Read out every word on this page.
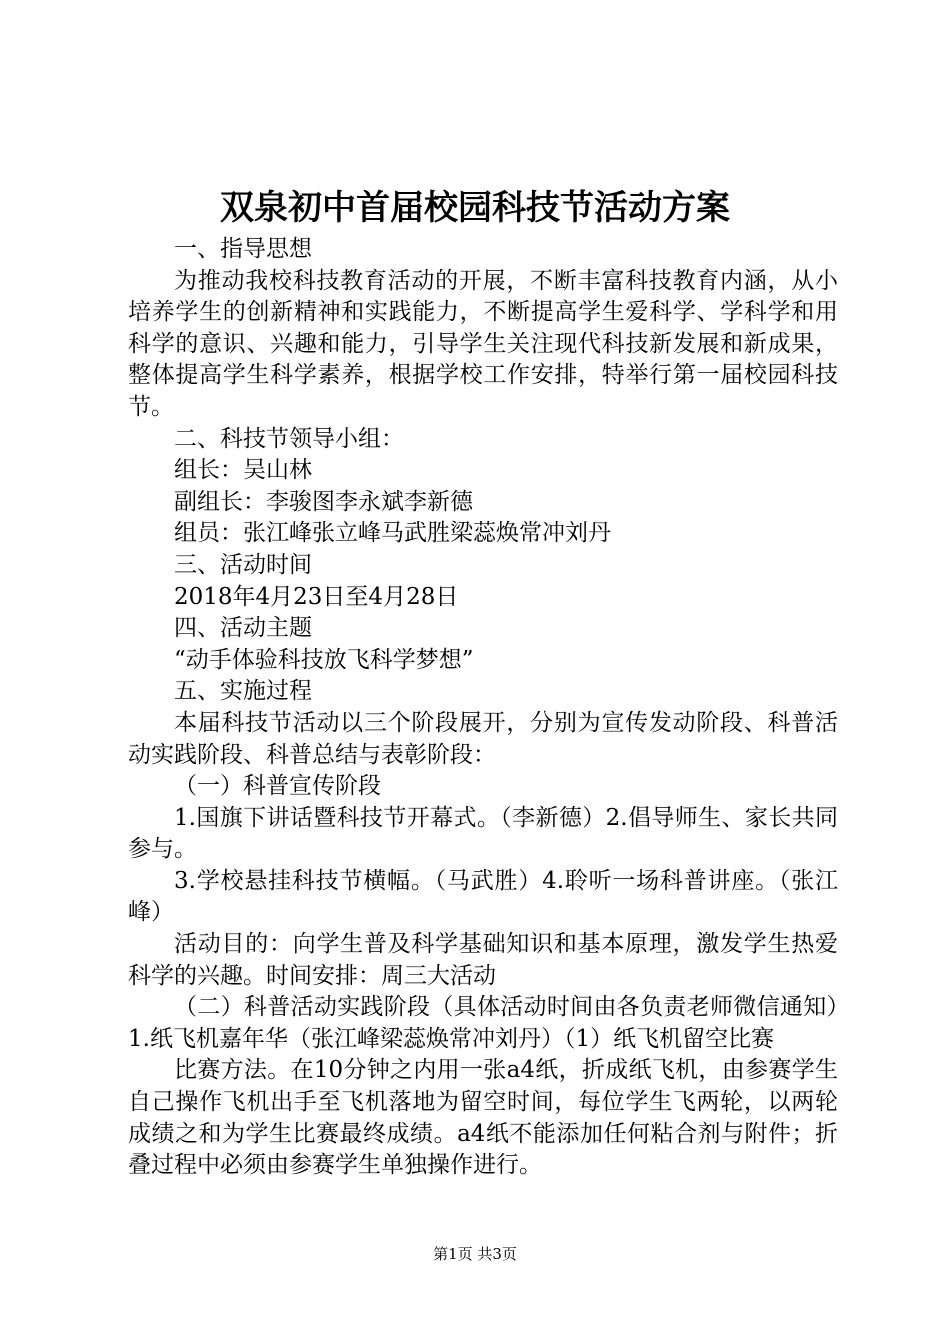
双泉初中首届校园科技节活动方案

一、指导思想

为推动我校科技教育活动的开展，不断丰富科技教育内涵，从小培养学生的创新精神和实践能力，不断提高学生爱科学、学科学和用科学的意识、兴趣和能力，引导学生关注现代科技新发展和新成果，整体提高学生科学素养，根据学校工作安排，特举行第一届校园科技节。

二、科技节领导小组：

组长：吴山林

副组长：李骏图李永斌李新德

组员：张江峰张立峰马武胜梁蕊焕常冲刘丹

三、活动时间

2018年4月23日至4月28日

四、活动主题

“动手体验科技放飞科学梦想”

五、实施过程

本届科技节活动以三个阶段展开，分别为宣传发动阶段、科普活动实践阶段、科普总结与表彰阶段：

（一）科普宣传阶段

1.国旗下讲话暨科技节开幕式。（李新德）2.倡导师生、家长共同参与。

3.学校悬挂科技节横幅。（马武胜）4.聆听一场科普讲座。（张江峰）

活动目的：向学生普及科学基础知识和基本原理，激发学生热爱科学的兴趣。时间安排：周三大活动

（二）科普活动实践阶段（具体活动时间由各负责老师微信通知）1.纸飞机嘉年华（张江峰梁蕊焕常冲刘丹）（1）纸飞机留空比赛

比赛方法。在10分钟之内用一张a4纸，折成纸飞机，由参赛学生自己操作飞机出手至飞机落地为留空时间，每位学生飞两轮，以两轮成绩之和为学生比赛最终成绩。a4纸不能添加任何粘合剂与附件；折叠过程中必须由参赛学生单独操作进行。

第1页 共3页
